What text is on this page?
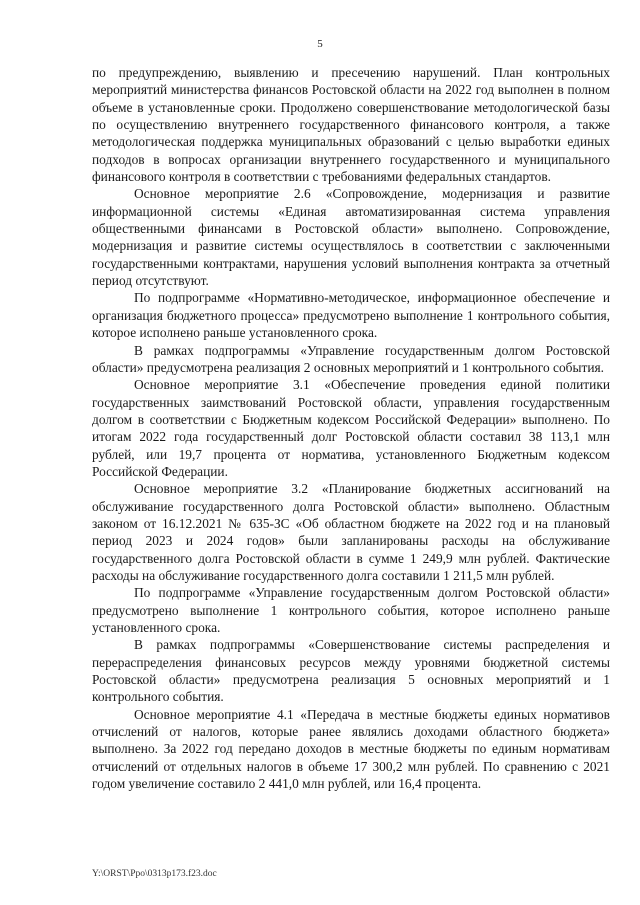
5

по предупреждению, выявлению и пресечению нарушений. План контрольных мероприятий министерства финансов Ростовской области на 2022 год выполнен в полном объеме в установленные сроки. Продолжено совершенствование методологической базы по осуществлению внутреннего государственного финансового контроля, а также методологическая поддержка муниципальных образований с целью выработки единых подходов в вопросах организации внутреннего государственного и муниципального финансового контроля в соответствии с требованиями федеральных стандартов.

Основное мероприятие 2.6 «Сопровождение, модернизация и развитие информационной системы «Единая автоматизированная система управления общественными финансами в Ростовской области» выполнено. Сопровождение, модернизация и развитие системы осуществлялось в соответствии с заключенными государственными контрактами, нарушения условий выполнения контракта за отчетный период отсутствуют.

По подпрограмме «Нормативно-методическое, информационное обеспечение и организация бюджетного процесса» предусмотрено выполнение 1 контрольного события, которое исполнено раньше установленного срока.

В рамках подпрограммы «Управление государственным долгом Ростовской области» предусмотрена реализация 2 основных мероприятий и 1 контрольного события.

Основное мероприятие 3.1 «Обеспечение проведения единой политики государственных заимствований Ростовской области, управления государственным долгом в соответствии с Бюджетным кодексом Российской Федерации» выполнено. По итогам 2022 года государственный долг Ростовской области составил 38 113,1 млн рублей, или 19,7 процента от норматива, установленного Бюджетным кодексом Российской Федерации.

Основное мероприятие 3.2 «Планирование бюджетных ассигнований на обслуживание государственного долга Ростовской области» выполнено. Областным законом от 16.12.2021 № 635-ЗС «Об областном бюджете на 2022 год и на плановый период 2023 и 2024 годов» были запланированы расходы на обслуживание государственного долга Ростовской области в сумме 1 249,9 млн рублей. Фактические расходы на обслуживание государственного долга составили 1 211,5 млн рублей.

По подпрограмме «Управление государственным долгом Ростовской области» предусмотрено выполнение 1 контрольного события, которое исполнено раньше установленного срока.

В рамках подпрограммы «Совершенствование системы распределения и перераспределения финансовых ресурсов между уровнями бюджетной системы Ростовской области» предусмотрена реализация 5 основных мероприятий и 1 контрольного события.

Основное мероприятие 4.1 «Передача в местные бюджеты единых нормативов отчислений от налогов, которые ранее являлись доходами областного бюджета» выполнено. За 2022 год передано доходов в местные бюджеты по единым нормативам отчислений от отдельных налогов в объеме 17 300,2 млн рублей. По сравнению с 2021 годом увеличение составило 2 441,0 млн рублей, или 16,4 процента.

Y:\ORST\Ppo\0313p173.f23.doc
